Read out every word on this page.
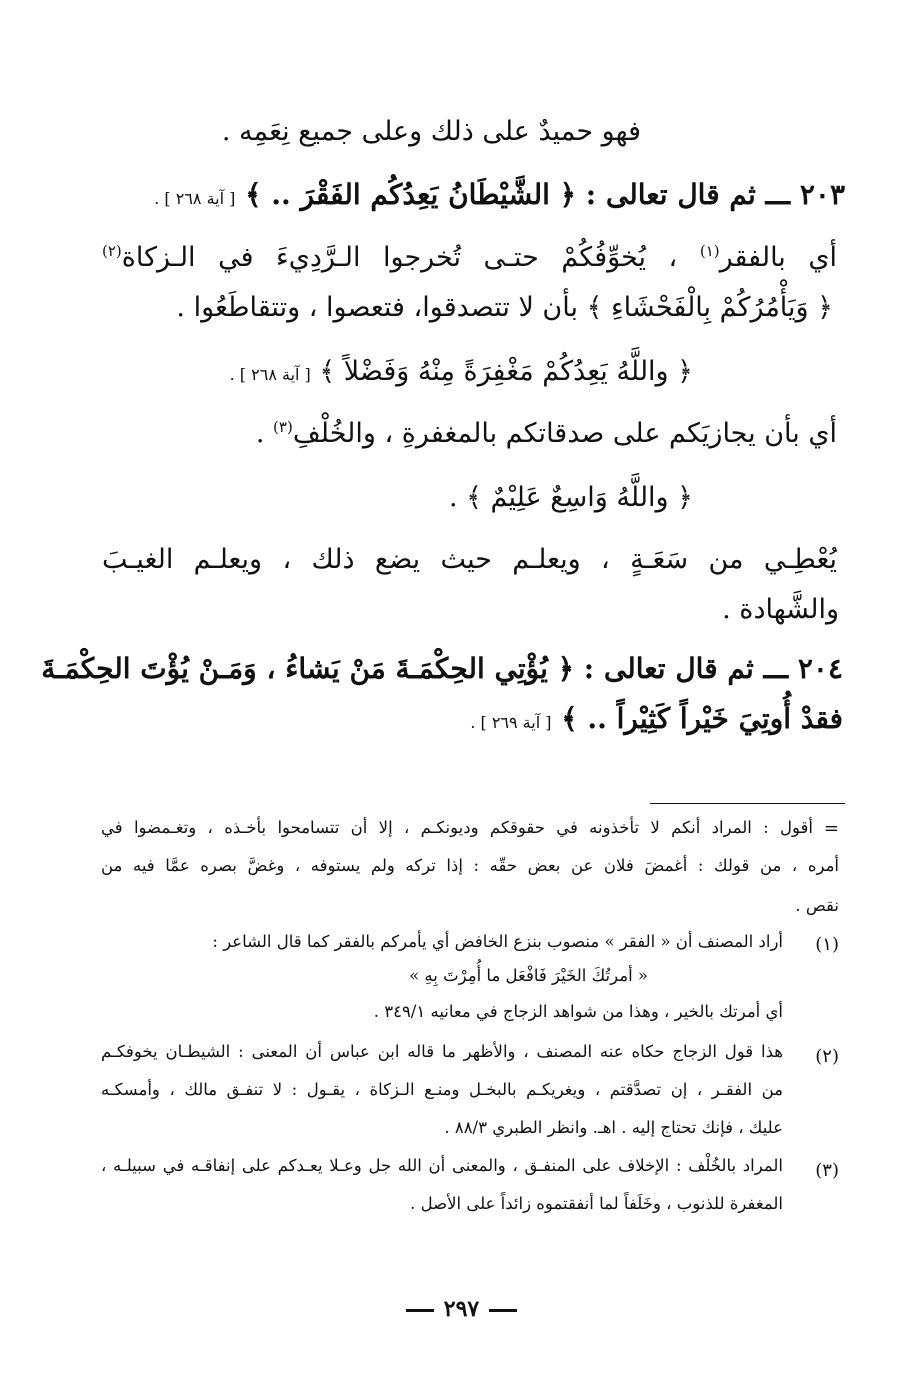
فهو حميدٌ على ذلك وعلى جميع نِعَمِه .
٢٠٣ ـــ ثم قال تعالى : ﴿ الشَّيْطَانُ يَعِدُكُم الفَقْرَ .. ﴾ [ آية ٢٦٨ ] .
أي بالفقر$^{(١)}$ ، يُخوِّفُكُمْ حتـى تُخرجوا الـرَّدِيءَ في الـزكاة$^{(٢)}$
﴿ وَيَأْمُرُكُمْ بِالْفَحْشَاءِ ﴾ بأن لا تتصدقوا، فتعصوا ، وتتقاطَعُوا .
﴿ واللَّهُ يَعِدُكُمْ مَغْفِرَةً مِنْهُ وَفَضْلاً ﴾ [ آية ٢٦٨ ] .
أي بأن يجازيَكم على صدقاتكم بالمغفرةِ ، والخُلْفِ$^{(٣)}$ .
﴿ واللَّهُ وَاسِعٌ عَلِيْمٌ ﴾ .
يُعْطِـي من سَعَـةٍ ، ويعلـم حيث يضع ذلك ، ويعلـم الغيـبَ
والشَّهادة .
٢٠٤ ـــ ثم قال تعالى : ﴿ يُؤْتِي الحِكْمَـةَ مَنْ يَشاءُ ، وَمَـنْ يُؤْتَ الحِكْمَـةَ
فقدْ أُوتِيَ خَيْراً كَثِيْراً .. ﴾ [ آية ٢٦٩ ] .
=
أقول : المراد أنكم لا تأخذونه في حقوقكم وديونكـم ، إلا أن تتسامحوا بأخـذه ، وتغـمضوا في
أمره ، من قولك : أغمضَ فلان عن بعض حقّه : إذا تركه ولم يستوفه ، وغضَّ بصره عمَّا فيه من
نقص .
(١)
أراد المصنف أن « الفقر » منصوب بنزع الخافض أي يأمركم بالفقر كما قال الشاعر :
« أمرتُكَ الخَيْرَ فَافْعَل ما أُمِرْتَ بِهِ »
أي أمرتك بالخير ، وهذا من شواهد الزجاج في معانيه ٣٤٩/١ .
(٢)
هذا قول الزجاج حكاه عنه المصنف ، والأظهر ما قاله ابن عباس أن المعنى : الشيطـان يخوفكـم
من الفقـر ، إن تصدَّقتم ، ويغريكـم بالبخـل ومنـع الـزكاة ، يقـول : لا تنفـق مالك ، وأمسكـه
عليك ، فإنك تحتاج إليه . اهـ. وانظر الطبري ٨٨/٣ .
(٣)
المراد بالخُلْف : الإخلاف على المنفـق ، والمعنى أن الله جل وعـلا يعـدكم على إنفاقـه في سبيلـه ،
المغفرة للذنوب ، وخَلَفاً لما أنفقتموه زائداً على الأصل .
٢٩٧
